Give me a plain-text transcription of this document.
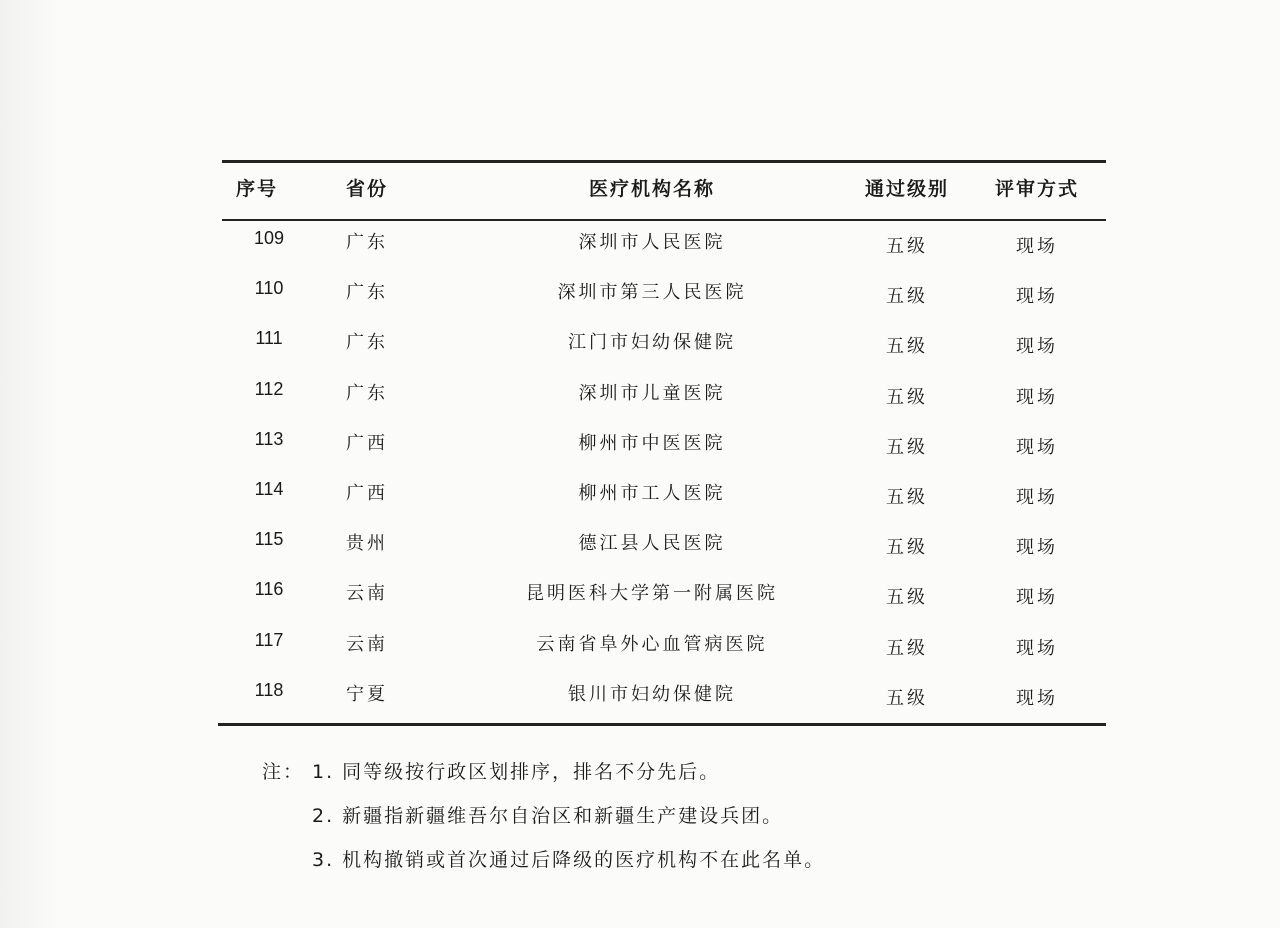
序号	省份	医疗机构名称	通过级别	评审方式
109	广东	深圳市人民医院	五级	现场
110	广东	深圳市第三人民医院	五级	现场
111	广东	江门市妇幼保健院	五级	现场
112	广东	深圳市儿童医院	五级	现场
113	广西	柳州市中医医院	五级	现场
114	广西	柳州市工人医院	五级	现场
115	贵州	德江县人民医院	五级	现场
116	云南	昆明医科大学第一附属医院	五级	现场
117	云南	云南省阜外心血管病医院	五级	现场
118	宁夏	银川市妇幼保健院	五级	现场
注： 1. 同等级按行政区划排序，排名不分先后。
2. 新疆指新疆维吾尔自治区和新疆生产建设兵团。
3. 机构撤销或首次通过后降级的医疗机构不在此名单。
